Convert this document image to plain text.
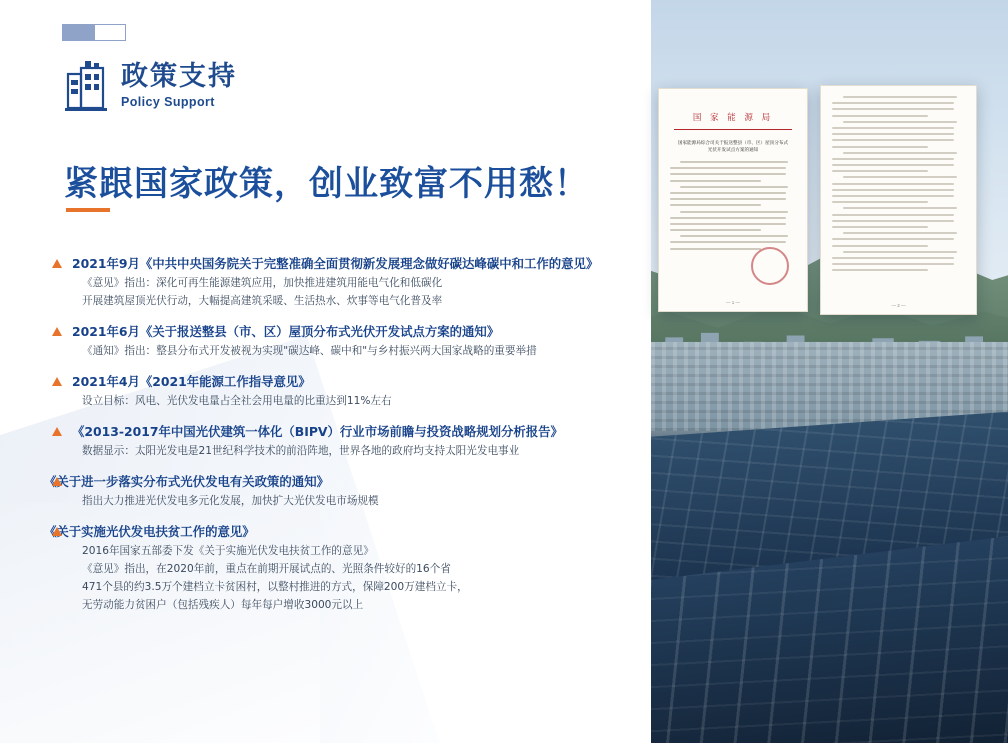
国 家 能 源 局
国家能源局综合司关于报送整县（市、区）屋顶分布式光伏开发试点方案的通知
— 1 —
— 2 —
政策支持
Policy Support
紧跟国家政策，创业致富不用愁！
2021年9月《中共中央国务院关于完整准确全面贯彻新发展理念做好碳达峰碳中和工作的意见》

《意见》指出：深化可再生能源建筑应用，加快推进建筑用能电气化和低碳化

开展建筑屋顶光伏行动，大幅提高建筑采暖、生活热水、炊事等电气化普及率

2021年6月《关于报送整县（市、区）屋顶分布式光伏开发试点方案的通知》

《通知》指出：整县分布式开发被视为实现"碳达峰、碳中和"与乡村振兴两大国家战略的重要举措

2021年4月《2021年能源工作指导意见》

设立目标：风电、光伏发电量占全社会用电量的比重达到11%左右

《2013-2017年中国光伏建筑一体化（BIPV）行业市场前瞻与投资战略规划分析报告》

数据显示：太阳光发电是21世纪科学技术的前沿阵地，世界各地的政府均支持太阳光发电事业

《关于进一步落实分布式光伏发电有关政策的通知》

指出大力推进光伏发电多元化发展，加快扩大光伏发电市场规模

《关于实施光伏发电扶贫工作的意见》

2016年国家五部委下发《关于实施光伏发电扶贫工作的意见》

《意见》指出，在2020年前，重点在前期开展试点的、光照条件较好的16个省

471个县的约3.5万个建档立卡贫困村，以整村推进的方式，保障200万建档立卡，

无劳动能力贫困户（包括残疾人）每年每户增收3000元以上
